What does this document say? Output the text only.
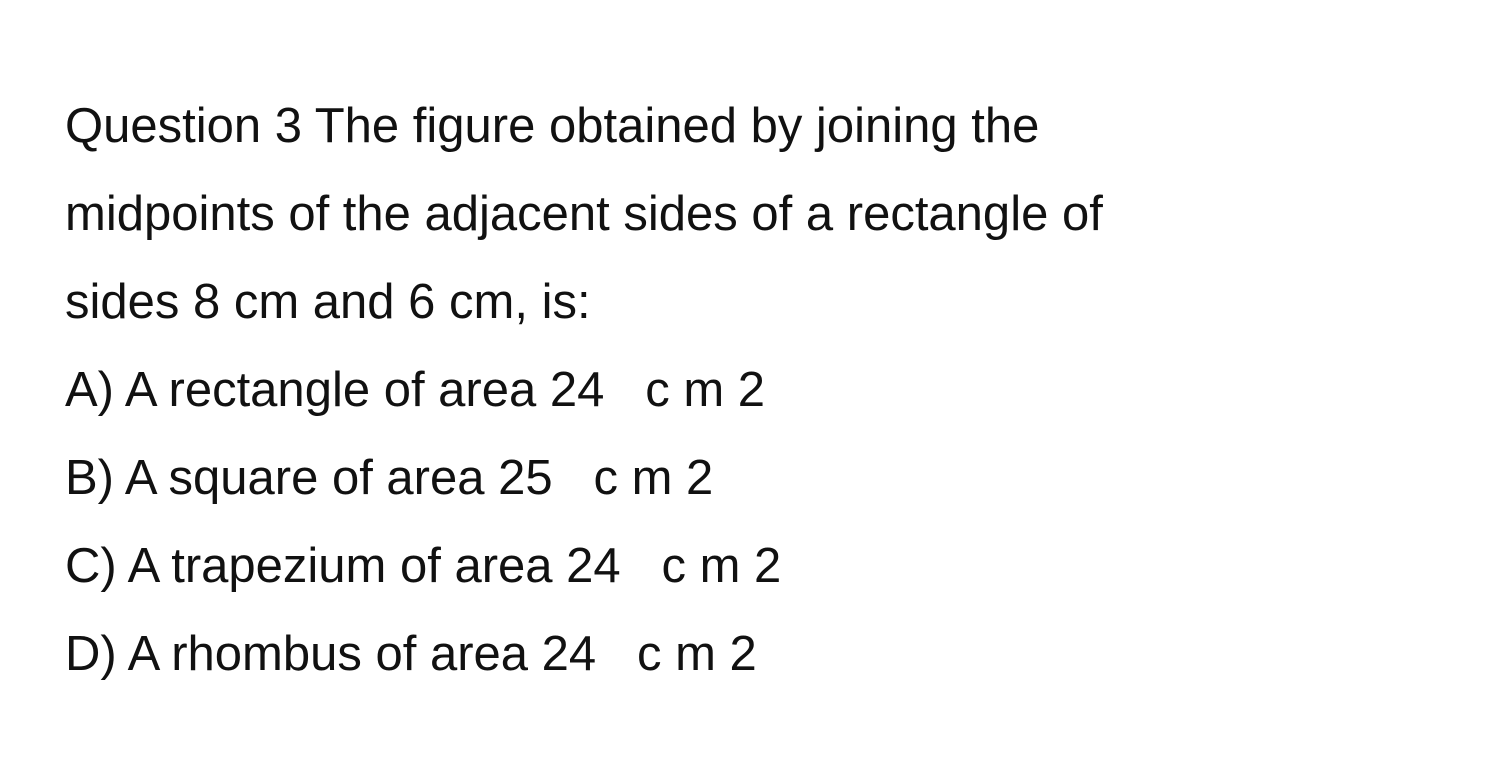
Question 3 The figure obtained by joining the
midpoints of the adjacent sides of a rectangle of
sides 8 cm and 6 cm, is:
A) A rectangle of area 24   c m 2
B) A square of area 25   c m 2
C) A trapezium of area 24   c m 2
D) A rhombus of area 24   c m 2
